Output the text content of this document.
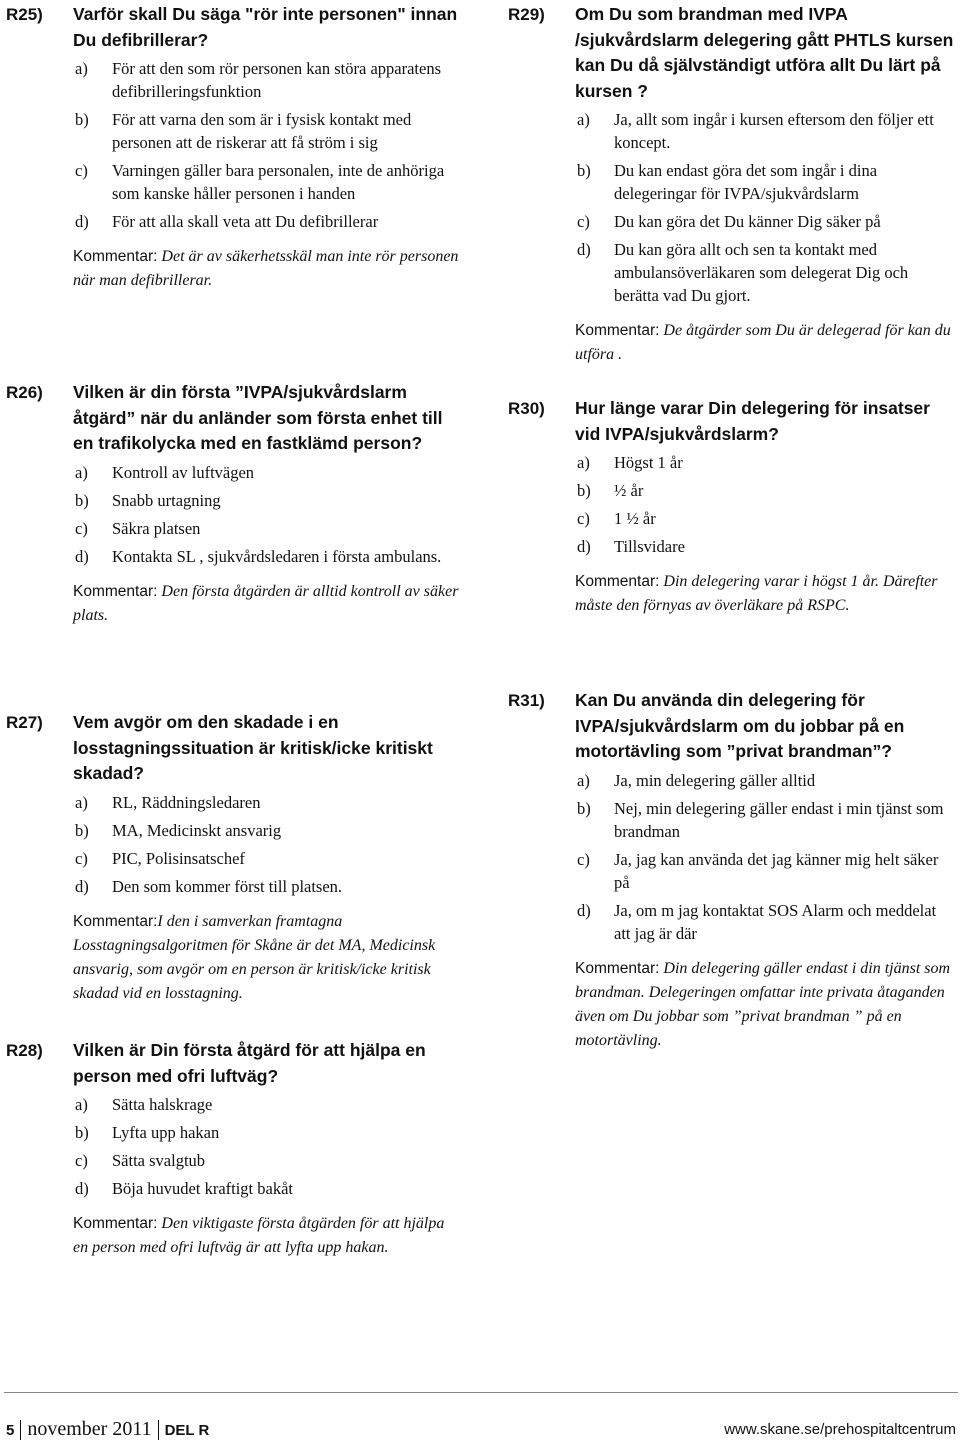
R25) Varför skall Du säga "rör inte personen" innan Du defibrillerar?

a) För att den som rör personen kan störa apparatens defibrilleringsfunktion
b) För att varna den som är i fysisk kontakt med personen att de riskerar att få ström i sig
c) Varningen gäller bara personalen, inte de anhöriga som kanske håller personen i handen
d) För att alla skall veta att Du defibrillerar
Kommentar: Det är av säkerhetsskäl man inte rör personen när man defibrillerar.
R26) Vilken är din första ”IVPA/sjukvårdslarm åtgärd” när du anländer som första enhet till en trafikolycka med en fastklämd person?

a) Kontroll av luftvägen
b) Snabb urtagning
c) Säkra platsen
d) Kontakta SL , sjukvårdsledaren i första ambulans.
Kommentar: Den första åtgärden är alltid kontroll av säker plats.
R27) Vem avgör om den skadade i en losstagningssituation är kritisk/icke kritiskt skadad?

a) RL, Räddningsledaren
b) MA, Medicinskt ansvarig
c) PIC, Polisinsatschef
d) Den som kommer först till platsen.
Kommentar:I den i samverkan framtagna Losstagningsalgoritmen för Skåne är det MA, Medicinsk ansvarig, som avgör om en person är kritisk/icke kritisk skadad vid en losstagning.
R28) Vilken är Din första åtgärd för att hjälpa en person med ofri luftväg?

a) Sätta halskrage
b) Lyfta upp hakan
c) Sätta svalgtub
d) Böja huvudet kraftigt bakåt
Kommentar: Den viktigaste första åtgärden för att hjälpa en person med ofri luftväg är att lyfta upp hakan.
R29) Om Du som brandman med IVPA /sjukvårdslarm delegering gått PHTLS kursen kan Du då självständigt utföra allt Du lärt på kursen ?

a) Ja, allt som ingår i kursen eftersom den följer ett koncept.
b) Du kan endast göra det som ingår i dina delegeringar för IVPA/sjukvårdslarm
c) Du kan göra det Du känner Dig säker på
d) Du kan göra allt och sen ta kontakt med ambulansöverläkaren som delegerat Dig och berätta vad Du gjort.
Kommentar: De åtgärder som Du är delegerad för kan du utföra .
R30) Hur länge varar Din delegering för insatser vid IVPA/sjukvårdslarm?

a) Högst 1 år
b) ½ år
c) 1 ½ år
d) Tillsvidare
Kommentar: Din delegering varar i högst 1 år. Därefter måste den förnyas av överläkare på RSPC.
R31) Kan Du använda din delegering för IVPA/sjukvårdslarm om du jobbar på en motortävling som ”privat brandman”?

a) Ja, min delegering gäller alltid
b) Nej, min delegering gäller endast i min tjänst som brandman
c) Ja, jag kan använda det jag känner mig helt säker på
d) Ja, om m jag kontaktat SOS Alarm och meddelat att jag är där
Kommentar: Din delegering gäller endast i din tjänst som brandman. Delegeringen omfattar inte privata åtaganden även om Du jobbar som ”privat brandman ” på en motortävling.
5 november 2011 DEL R	www.skane.se/prehospitaltcentrum
